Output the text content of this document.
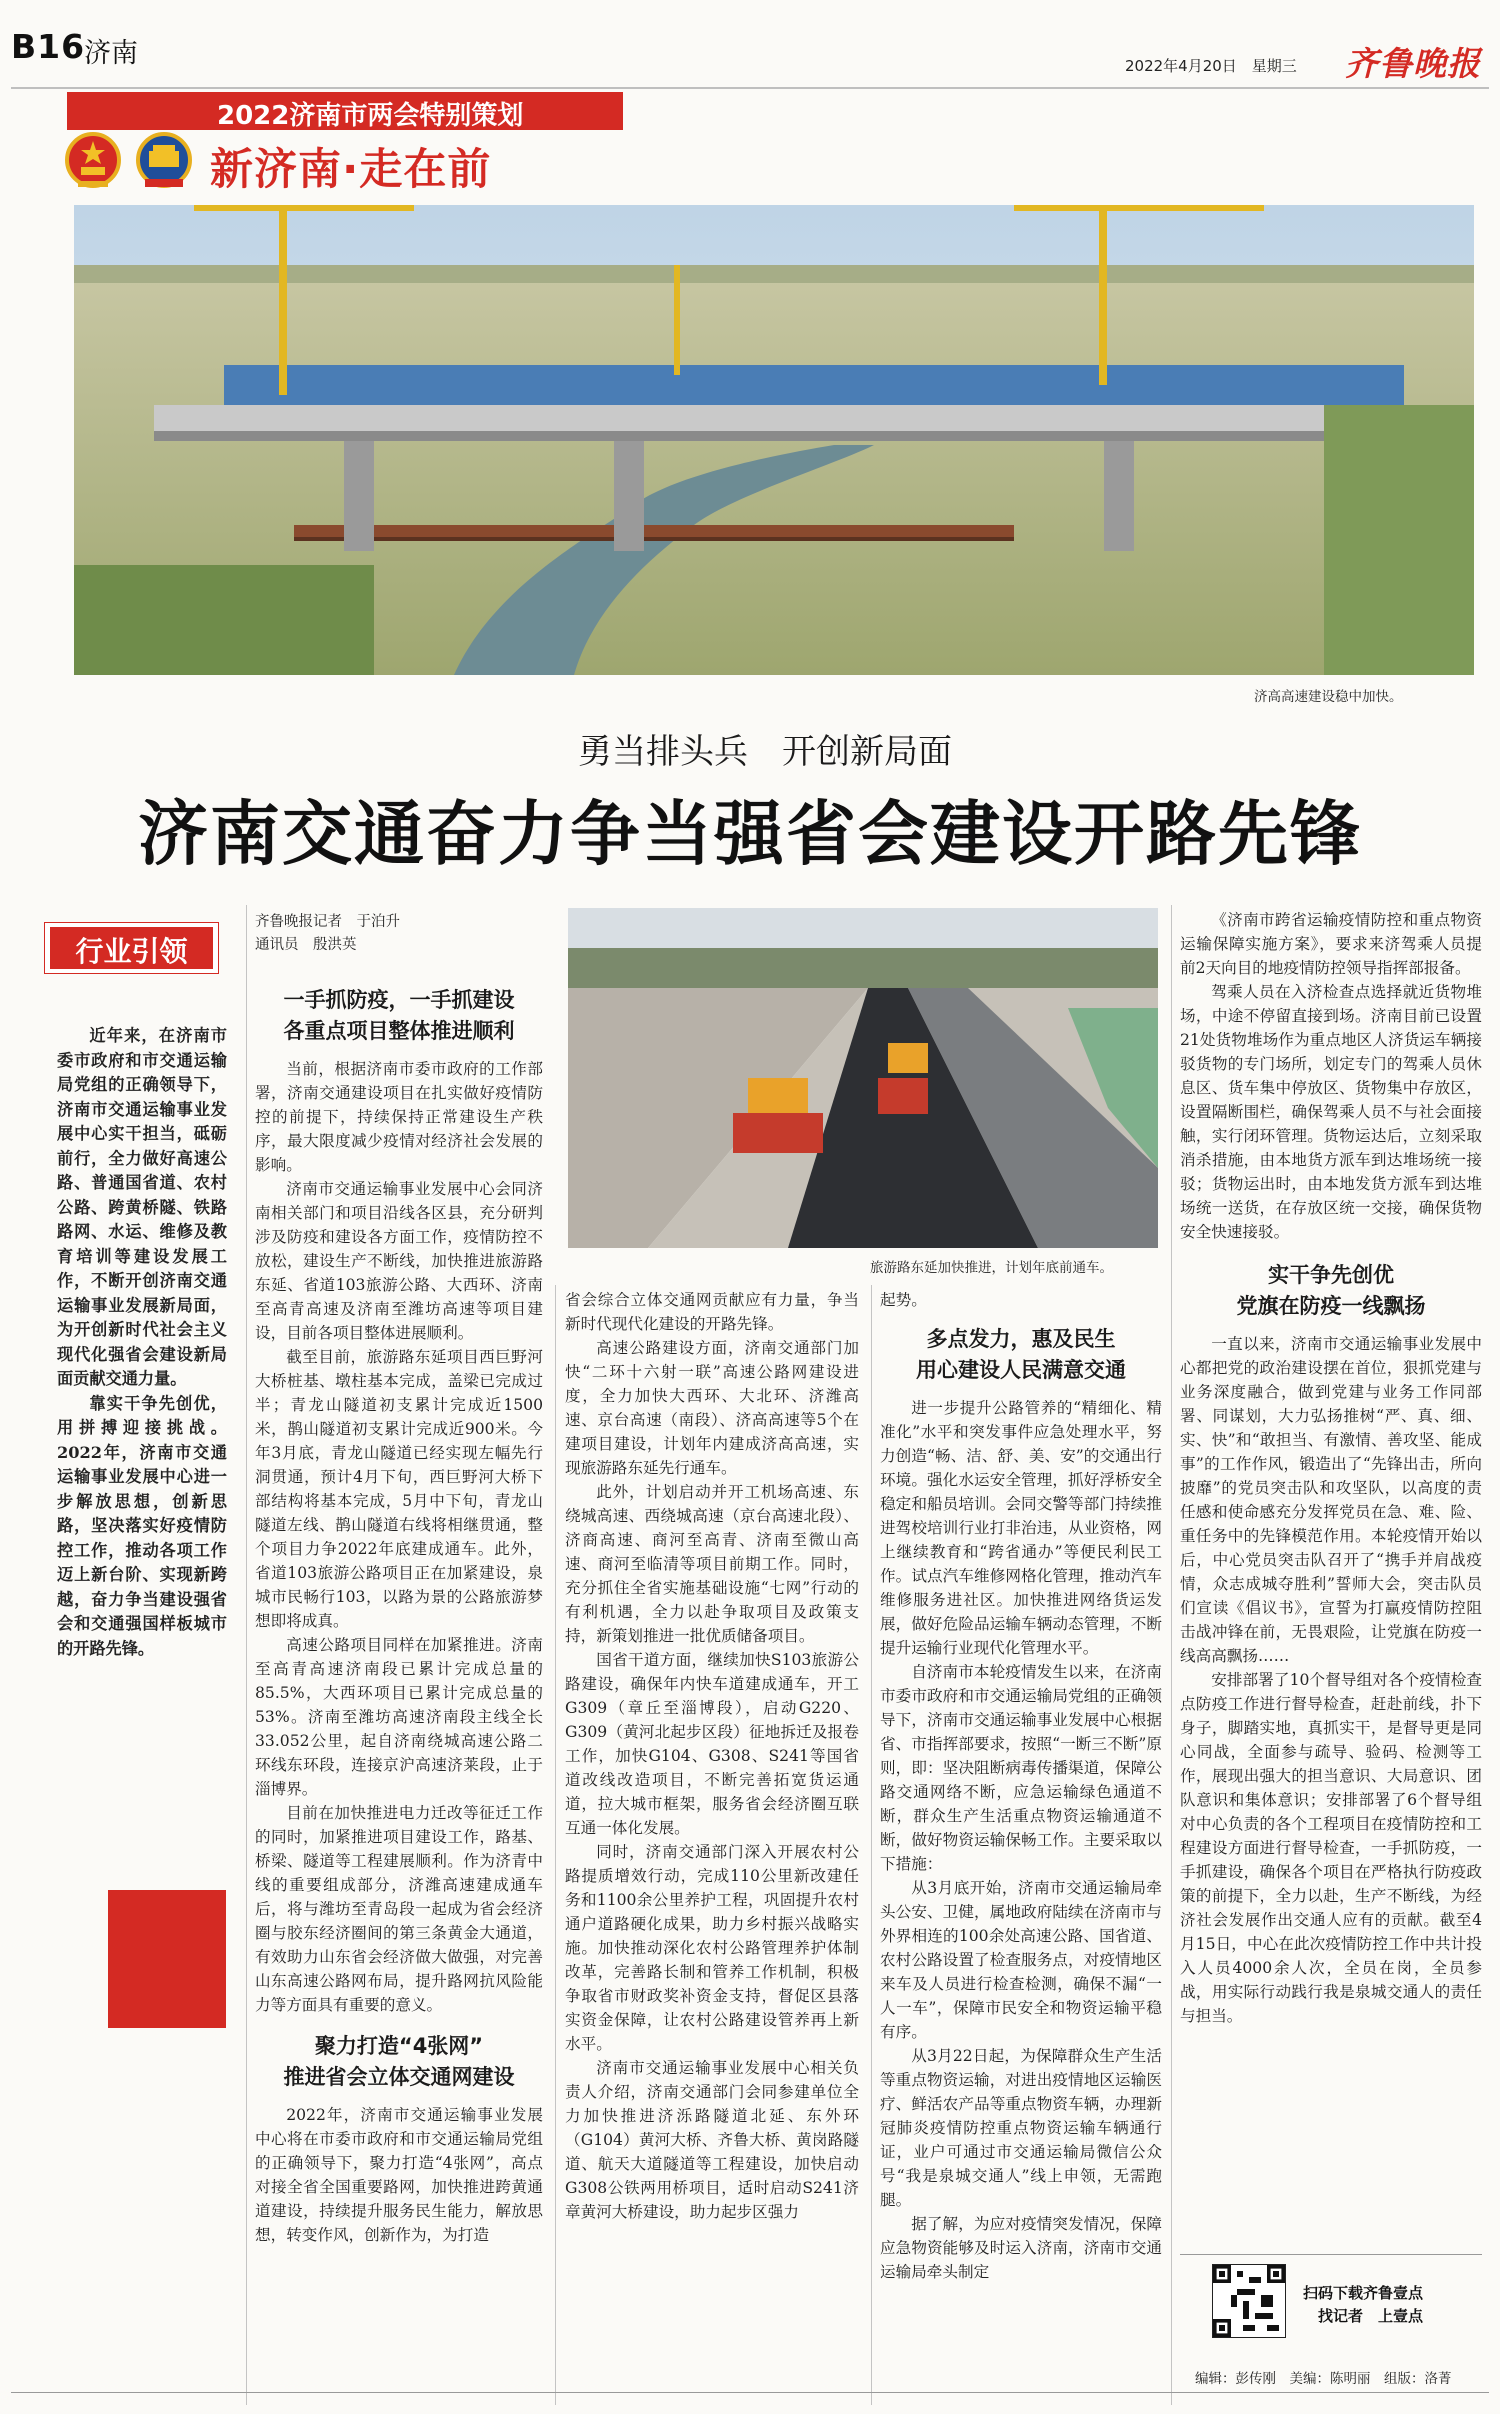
B16
济南	2022年4月20日　星期三 齐鲁晚报
2022济南市两会特别策划
新济南·走在前
济高高速建设稳中加快。
勇当排头兵　开创新局面
济南交通奋力争当强省会建设开路先锋
齐鲁晚报记者　于泊升
通讯员　殷洪英
行业引领

近年来，在济南市委市政府和市交通运输局党组的正确领导下，济南市交通运输事业发展中心实干担当，砥砺前行，全力做好高速公路、普通国省道、农村公路、跨黄桥隧、铁路路网、水运、维修及教育培训等建设发展工作，不断开创济南交通运输事业发展新局面，为开创新时代社会主义现代化强省会建设新局面贡献交通力量。

靠实干争先创优，用拼搏迎接挑战。2022年，济南市交通运输事业发展中心进一步解放思想，创新思路，坚决落实好疫情防控工作，推动各项工作迈上新台阶、实现新跨越，奋力争当建设强省会和交通强国样板城市的开路先锋。

一手抓防疫，一手抓建设
各重点项目整体推进顺利

当前，根据济南市委市政府的工作部署，济南交通建设项目在扎实做好疫情防控的前提下，持续保持正常建设生产秩序，最大限度减少疫情对经济社会发展的影响。

济南市交通运输事业发展中心会同济南相关部门和项目沿线各区县，充分研判涉及防疫和建设各方面工作，疫情防控不放松，建设生产不断线，加快推进旅游路东延、省道103旅游公路、大西环、济南至高青高速及济南至潍坊高速等项目建设，目前各项目整体进展顺利。

截至目前，旅游路东延项目西巨野河大桥桩基、墩柱基本完成，盖梁已完成过半；青龙山隧道初支累计完成近1500米，鹊山隧道初支累计完成近900米。今年3月底，青龙山隧道已经实现左幅先行洞贯通，预计4月下旬，西巨野河大桥下部结构将基本完成，5月中下旬，青龙山隧道左线、鹊山隧道右线将相继贯通，整个项目力争2022年底建成通车。此外，省道103旅游公路项目正在加紧建设，泉城市民畅行103，以路为景的公路旅游梦想即将成真。

高速公路项目同样在加紧推进。济南至高青高速济南段已累计完成总量的85.5%，大西环项目已累计完成总量的53%。济南至潍坊高速济南段主线全长33.052公里，起自济南绕城高速公路二环线东环段，连接京沪高速济莱段，止于淄博界。

目前在加快推进电力迁改等征迁工作的同时，加紧推进项目建设工作，路基、桥梁、隧道等工程建展顺利。作为济青中线的重要组成部分，济潍高速建成通车后，将与潍坊至青岛段一起成为省会经济圈与胶东经济圈间的第三条黄金大通道，有效助力山东省会经济做大做强，对完善山东高速公路网布局，提升路网抗风险能力等方面具有重要的意义。

聚力打造“4张网”
推进省会立体交通网建设

2022年，济南市交通运输事业发展中心将在市委市政府和市交通运输局党组的正确领导下，聚力打造“4张网”，高点对接全省全国重要路网，加快推进跨黄通道建设，持续提升服务民生能力，解放思想，转变作风，创新作为，为打造

旅游路东延加快推进，计划年底前通车。

省会综合立体交通网贡献应有力量，争当新时代现代化建设的开路先锋。

高速公路建设方面，济南交通部门加快“二环十六射一联”高速公路网建设进度，全力加快大西环、大北环、济潍高速、京台高速（南段）、济高高速等5个在建项目建设，计划年内建成济高高速，实现旅游路东延先行通车。

此外，计划启动并开工机场高速、东绕城高速、西绕城高速（京台高速北段）、济商高速、商河至高青、济南至微山高速、商河至临清等项目前期工作。同时，充分抓住全省实施基础设施“七网”行动的有利机遇，全力以赴争取项目及政策支持，新策划推进一批优质储备项目。

国省干道方面，继续加快S103旅游公路建设，确保年内快车道建成通车，开工G309（章丘至淄博段），启动G220、G309（黄河北起步区段）征地拆迁及报卷工作，加快G104、G308、S241等国省道改线改造项目，不断完善拓宽货运通道，拉大城市框架，服务省会经济圈互联互通一体化发展。

同时，济南交通部门深入开展农村公路提质增效行动，完成110公里新改建任务和1100余公里养护工程，巩固提升农村通户道路硬化成果，助力乡村振兴战略实施。加快推动深化农村公路管理养护体制改革，完善路长制和管养工作机制，积极争取省市财政奖补资金支持，督促区县落实资金保障，让农村公路建设管养再上新水平。

济南市交通运输事业发展中心相关负责人介绍，济南交通部门会同参建单位全力加快推进济泺路隧道北延、东外环（G104）黄河大桥、齐鲁大桥、黄岗路隧道、航天大道隧道等工程建设，加快启动G308公铁两用桥项目，适时启动S241济章黄河大桥建设，助力起步区强力

起势。

多点发力，惠及民生
用心建设人民满意交通

进一步提升公路管养的“精细化、精准化”水平和突发事件应急处理水平，努力创造“畅、洁、舒、美、安”的交通出行环境。强化水运安全管理，抓好浮桥安全稳定和船员培训。会同交警等部门持续推进驾校培训行业打非治违，从业资格，网上继续教育和“跨省通办”等便民利民工作。试点汽车维修网格化管理，推动汽车维修服务进社区。加快推进网络货运发展，做好危险品运输车辆动态管理，不断提升运输行业现代化管理水平。

自济南市本轮疫情发生以来，在济南市委市政府和市交通运输局党组的正确领导下，济南市交通运输事业发展中心根据省、市指挥部要求，按照“一断三不断”原则，即：坚决阻断病毒传播渠道，保障公路交通网络不断，应急运输绿色通道不断，群众生产生活重点物资运输通道不断，做好物资运输保畅工作。主要采取以下措施：

从3月底开始，济南市交通运输局牵头公安、卫健，属地政府陆续在济南市与外界相连的100余处高速公路、国省道、农村公路设置了检查服务点，对疫情地区来车及人员进行检查检测，确保不漏“一人一车”，保障市民安全和物资运输平稳有序。

从3月22日起，为保障群众生产生活等重点物资运输，对进出疫情地区运输医疗、鲜活农产品等重点物资车辆，办理新冠肺炎疫情防控重点物资运输车辆通行证，业户可通过市交通运输局微信公众号“我是泉城交通人”线上申领，无需跑腿。

据了解，为应对疫情突发情况，保障应急物资能够及时运入济南，济南市交通运输局牵头制定

《济南市跨省运输疫情防控和重点物资运输保障实施方案》，要求来济驾乘人员提前2天向目的地疫情防控领导指挥部报备。

驾乘人员在入济检查点选择就近货物堆场，中途不停留直接到场。济南目前已设置21处货物堆场作为重点地区人济货运车辆接驳货物的专门场所，划定专门的驾乘人员休息区、货车集中停放区、货物集中存放区，设置隔断围栏，确保驾乘人员不与社会面接触，实行闭环管理。货物运达后，立刻采取消杀措施，由本地货方派车到达堆场统一接驳；货物运出时，由本地发货方派车到达堆场统一送货，在存放区统一交接，确保货物安全快速接驳。

实干争先创优
党旗在防疫一线飘扬

一直以来，济南市交通运输事业发展中心都把党的政治建设摆在首位，狠抓党建与业务深度融合，做到党建与业务工作同部署、同谋划，大力弘扬推树“严、真、细、实、快”和“敢担当、有激情、善攻坚、能成事”的工作作风，锻造出了“先锋出击，所向披靡”的党员突击队和攻坚队，以高度的责任感和使命感充分发挥党员在急、难、险、重任务中的先锋模范作用。本轮疫情开始以后，中心党员突击队召开了“携手并肩战疫情，众志成城夺胜利”誓师大会，突击队员们宣读《倡议书》，宣誓为打赢疫情防控阻击战冲锋在前，无畏艰险，让党旗在防疫一线高高飘扬……

安排部署了10个督导组对各个疫情检查点防疫工作进行督导检查，赶赴前线，扑下身子，脚踏实地，真抓实干，是督导更是同心同战，全面参与疏导、验码、检测等工作，展现出强大的担当意识、大局意识、团队意识和集体意识；安排部署了6个督导组对中心负责的各个工程项目在疫情防控和工程建设方面进行督导检查，一手抓防疫，一手抓建设，确保各个项目在严格执行防疫政策的前提下，全力以赴，生产不断线，为经济社会发展作出交通人应有的贡献。截至4月15日，中心在此次疫情防控工作中共计投入人员4000余人次，全员在岗，全员参战，用实际行动践行我是泉城交通人的责任与担当。

扫码下载齐鲁壹点
找记者　上壹点
编辑：彭传刚　美编：陈明丽　组版：洛菁
